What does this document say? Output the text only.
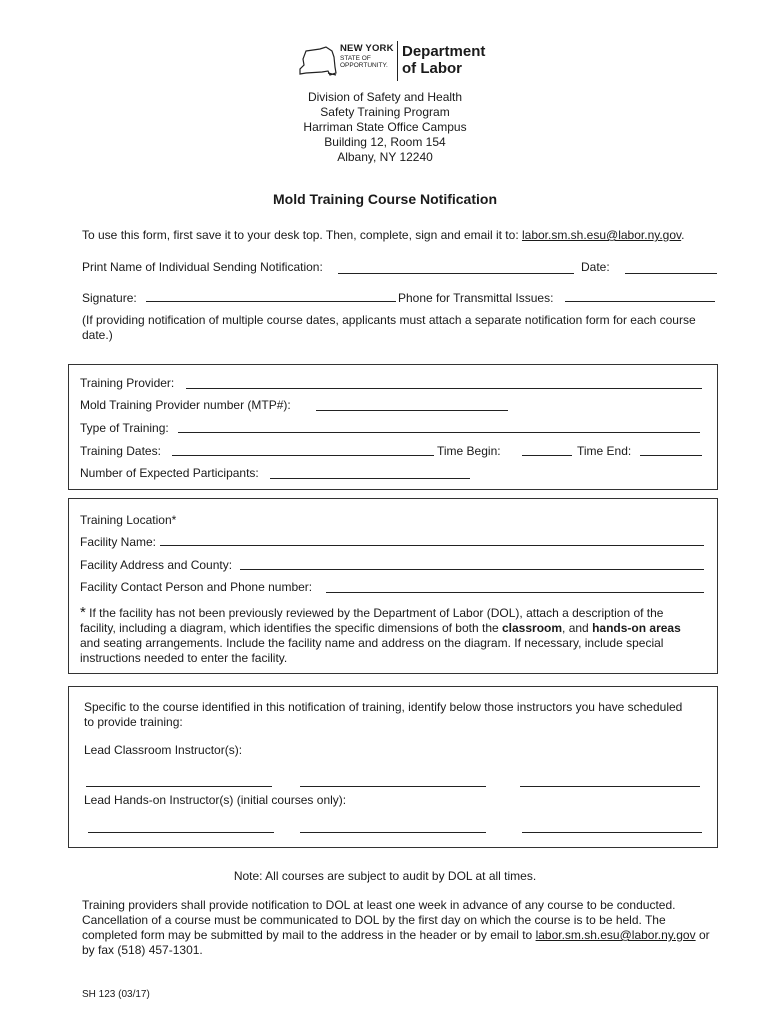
NEW YORK
STATE OF
OPPORTUNITY.
Department
of Labor
Division of Safety and Health
Safety Training Program
Harriman State Office Campus
Building 12, Room 154
Albany, NY 12240
Mold Training Course Notification
To use this form, first save it to your desk top. Then, complete, sign and email it to: labor.sm.sh.esu@labor.ny.gov.
Print Name of Individual Sending Notification:	Date:
Signature:	Phone for Transmittal Issues:
(If providing notification of multiple course dates, applicants must attach a separate notification form for each course date.)
Training Provider:
Mold Training Provider number (MTP#):
Type of Training:
Training Dates:	Time Begin:	Time End:
Number of Expected Participants:
Training Location*
Facility Name:
Facility Address and County:
Facility Contact Person and Phone number:
* If the facility has not been previously reviewed by the Department of Labor (DOL), attach a description of the facility, including a diagram, which identifies the specific dimensions of both the classroom, and hands-on areas and seating arrangements. Include the facility name and address on the diagram. If necessary, include special instructions needed to enter the facility.
Specific to the course identified in this notification of training, identify below those instructors you have scheduled to provide training:
Lead Classroom Instructor(s):
Lead Hands-on Instructor(s) (initial courses only):
Note: All courses are subject to audit by DOL at all times.
Training providers shall provide notification to DOL at least one week in advance of any course to be conducted. Cancellation of a course must be communicated to DOL by the first day on which the course is to be held. The completed form may be submitted by mail to the address in the header or by email to labor.sm.sh.esu@labor.ny.gov or by fax (518) 457-1301.
SH 123 (03/17)
